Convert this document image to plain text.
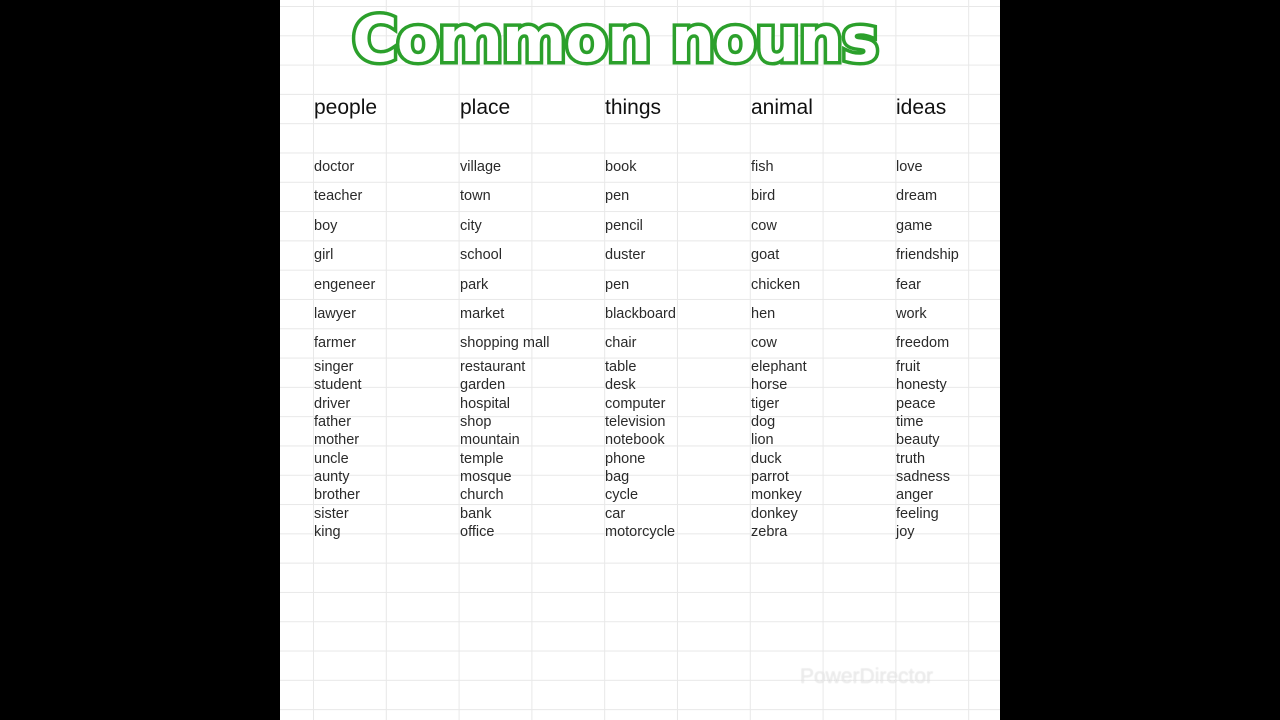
Common nouns
people
doctor
teacher
boy
girl
engeneer
lawyer
farmer
singer
student
driver
father
mother
uncle
aunty
brother
sister
king
place
village
town
city
school
park
market
shopping mall
restaurant
garden
hospital
shop
mountain
temple
mosque
church
bank
office
things
book
pen
pencil
duster
pen
blackboard
chair
table
desk
computer
television
notebook
phone
bag
cycle
car
motorcycle
animal
fish
bird
cow
goat
chicken
hen
cow
elephant
horse
tiger
dog
lion
duck
parrot
monkey
donkey
zebra
ideas
love
dream
game
friendship
fear
work
freedom
fruit
honesty
peace
time
beauty
truth
sadness
anger
feeling
joy
PowerDirector
